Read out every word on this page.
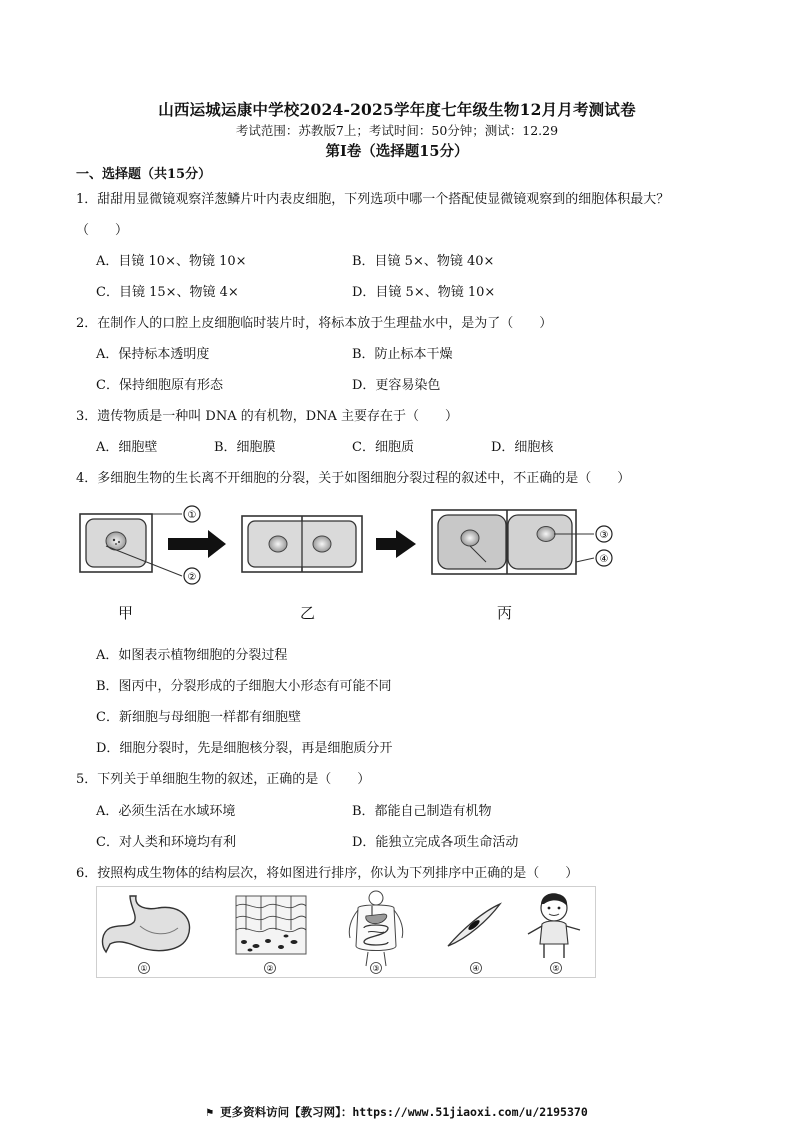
山西运城运康中学校2024-2025学年度七年级生物12月月考测试卷
考试范围：苏教版7上；考试时间：50分钟；测试：12.29
第Ⅰ卷（选择题15分）
一、选择题（共15分）
1．甜甜用显微镜观察洋葱鳞片叶内表皮细胞，下列选项中哪一个搭配使显微镜观察到的细胞体积最大？
（　　）
A．目镜 10×、物镜 10×	B．目镜 5×、物镜 40×
C．目镜 15×、物镜 4×	D．目镜 5×、物镜 10×
2．在制作人的口腔上皮细胞临时装片时，将标本放于生理盐水中，是为了（　　）
A．保持标本透明度	B．防止标本干燥
C．保持细胞原有形态	D．更容易染色
3．遗传物质是一种叫 DNA 的有机物，DNA 主要存在于（　　）
A．细胞壁	B．细胞膜	C．细胞质	D．细胞核
4．多细胞生物的生长离不开细胞的分裂，关于如图细胞分裂过程的叙述中，不正确的是（　　）
①
②
③
④
甲	乙	丙
A．如图表示植物细胞的分裂过程
B．图丙中，分裂形成的子细胞大小形态有可能不同
C．新细胞与母细胞一样都有细胞壁
D．细胞分裂时，先是细胞核分裂，再是细胞质分开
5．下列关于单细胞生物的叙述，正确的是（　　）
A．必须生活在水域环境	B．都能自己制造有机物
C．对人类和环境均有利	D．能独立完成各项生命活动
6．按照构成生物体的结构层次，将如图进行排序，你认为下列排序中正确的是（　　）
①	②	③	④	⑤
⚑ 更多资料访问【教习网】：https://www.51jiaoxi.com/u/2195370
